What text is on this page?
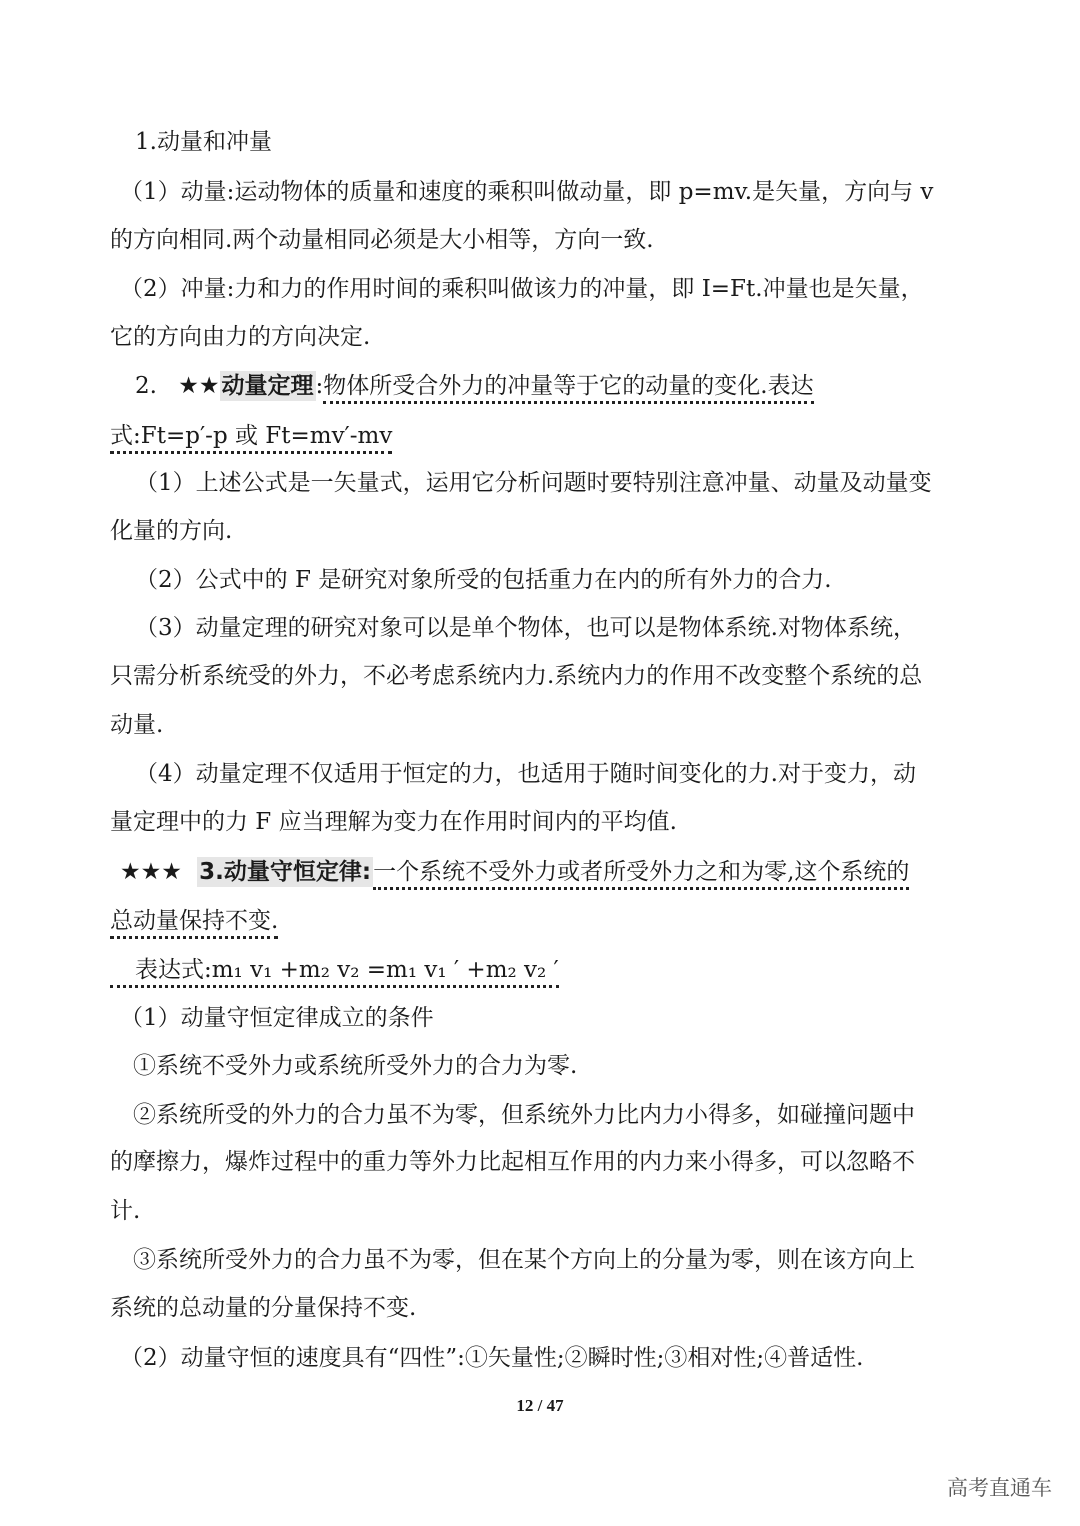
1.动量和冲量
（1）动量:运动物体的质量和速度的乘积叫做动量，即 p=mv.是矢量，方向与 v
的方向相同.两个动量相同必须是大小相等，方向一致.
（2）冲量:力和力的作用时间的乘积叫做该力的冲量，即 I=Ft.冲量也是矢量，
它的方向由力的方向决定.
2. ★★动量定理:物体所受合外力的冲量等于它的动量的变化.表达
式:Ft=p′-p 或 Ft=mv′-mv
（1）上述公式是一矢量式，运用它分析问题时要特别注意冲量、动量及动量变
化量的方向.
（2）公式中的 F 是研究对象所受的包括重力在内的所有外力的合力.
（3）动量定理的研究对象可以是单个物体，也可以是物体系统.对物体系统，
只需分析系统受的外力，不必考虑系统内力.系统内力的作用不改变整个系统的总
动量.
（4）动量定理不仅适用于恒定的力，也适用于随时间变化的力.对于变力，动
量定理中的力 F 应当理解为变力在作用时间内的平均值.
★★★ 3.动量守恒定律:一个系统不受外力或者所受外力之和为零,这个系统的
总动量保持不变.
表达式:m₁ v₁ +m₂ v₂ =m₁ v₁ ′ +m₂ v₂ ′
（1）动量守恒定律成立的条件
①系统不受外力或系统所受外力的合力为零.
②系统所受的外力的合力虽不为零，但系统外力比内力小得多，如碰撞问题中
的摩擦力，爆炸过程中的重力等外力比起相互作用的内力来小得多，可以忽略不
计.
③系统所受外力的合力虽不为零，但在某个方向上的分量为零，则在该方向上
系统的总动量的分量保持不变.
（2）动量守恒的速度具有“四性”:①矢量性;②瞬时性;③相对性;④普适性.
12 / 47
高考直通车
